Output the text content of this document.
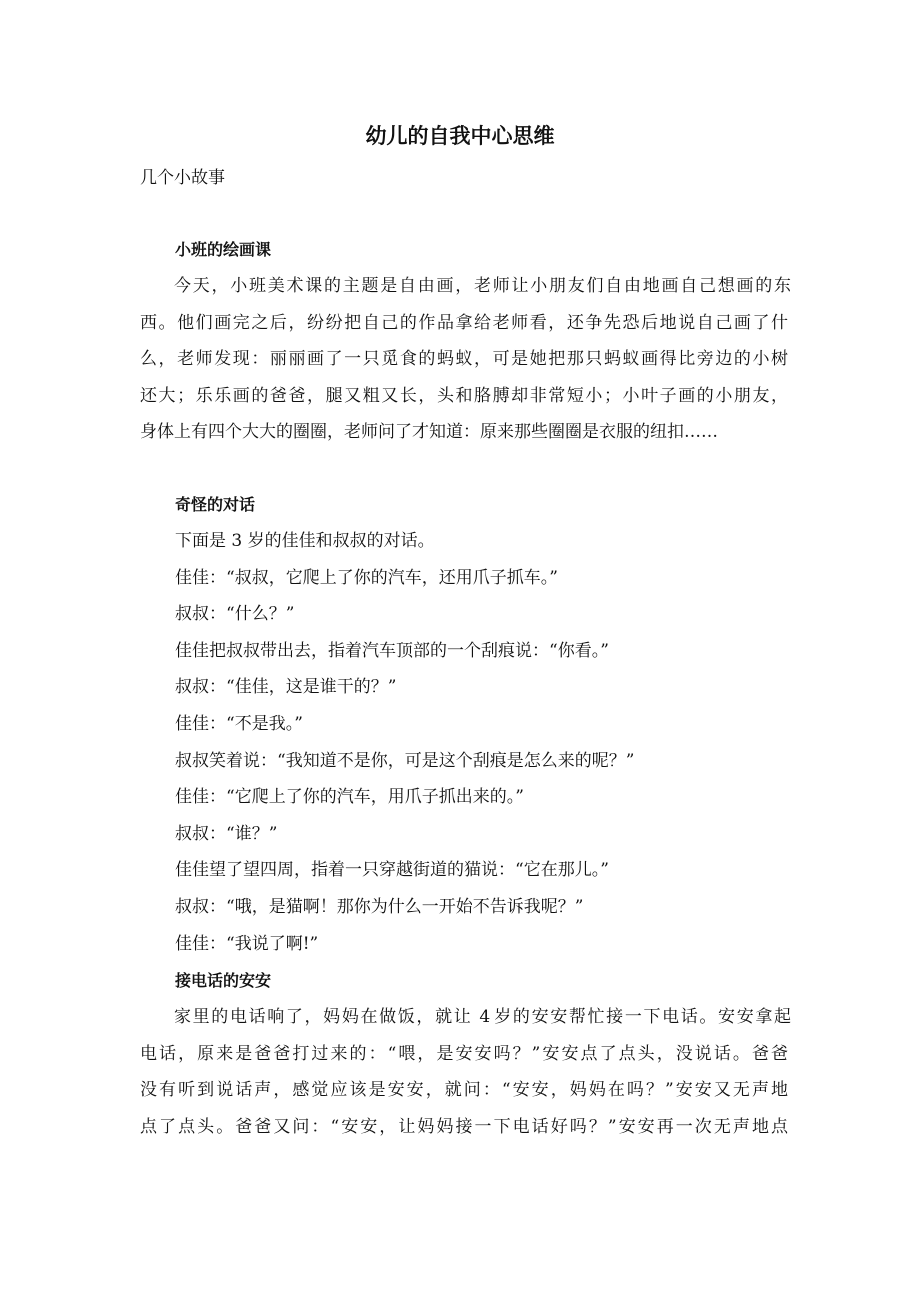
幼儿的自我中心思维

几个小故事

小班的绘画课

今天，小班美术课的主题是自由画，老师让小朋友们自由地画自己想画的东
西。他们画完之后，纷纷把自己的作品拿给老师看，还争先恐后地说自己画了什
么，老师发现：丽丽画了一只觅食的蚂蚁，可是她把那只蚂蚁画得比旁边的小树
还大；乐乐画的爸爸，腿又粗又长，头和胳膊却非常短小；小叶子画的小朋友，
身体上有四个大大的圈圈，老师问了才知道：原来那些圈圈是衣服的纽扣……

奇怪的对话
下面是 3 岁的佳佳和叔叔的对话。
佳佳：“叔叔，它爬上了你的汽车，还用爪子抓车。”
叔叔：“什么？”
佳佳把叔叔带出去，指着汽车顶部的一个刮痕说：“你看。”
叔叔：“佳佳，这是谁干的？”
佳佳：“不是我。”
叔叔笑着说：“我知道不是你，可是这个刮痕是怎么来的呢？”
佳佳：“它爬上了你的汽车，用爪子抓出来的。”
叔叔：“谁？”
佳佳望了望四周，指着一只穿越街道的猫说：“它在那儿。”
叔叔：“哦，是猫啊！那你为什么一开始不告诉我呢？”
佳佳：“我说了啊!”
接电话的安安

家里的电话响了，妈妈在做饭，就让 4 岁的安安帮忙接一下电话。安安拿起
电话，原来是爸爸打过来的：“喂，是安安吗？”安安点了点头，没说话。爸爸
没有听到说话声，感觉应该是安安，就问：“安安，妈妈在吗？”安安又无声地
点了点头。爸爸又问：“安安，让妈妈接一下电话好吗？”安安再一次无声地点
